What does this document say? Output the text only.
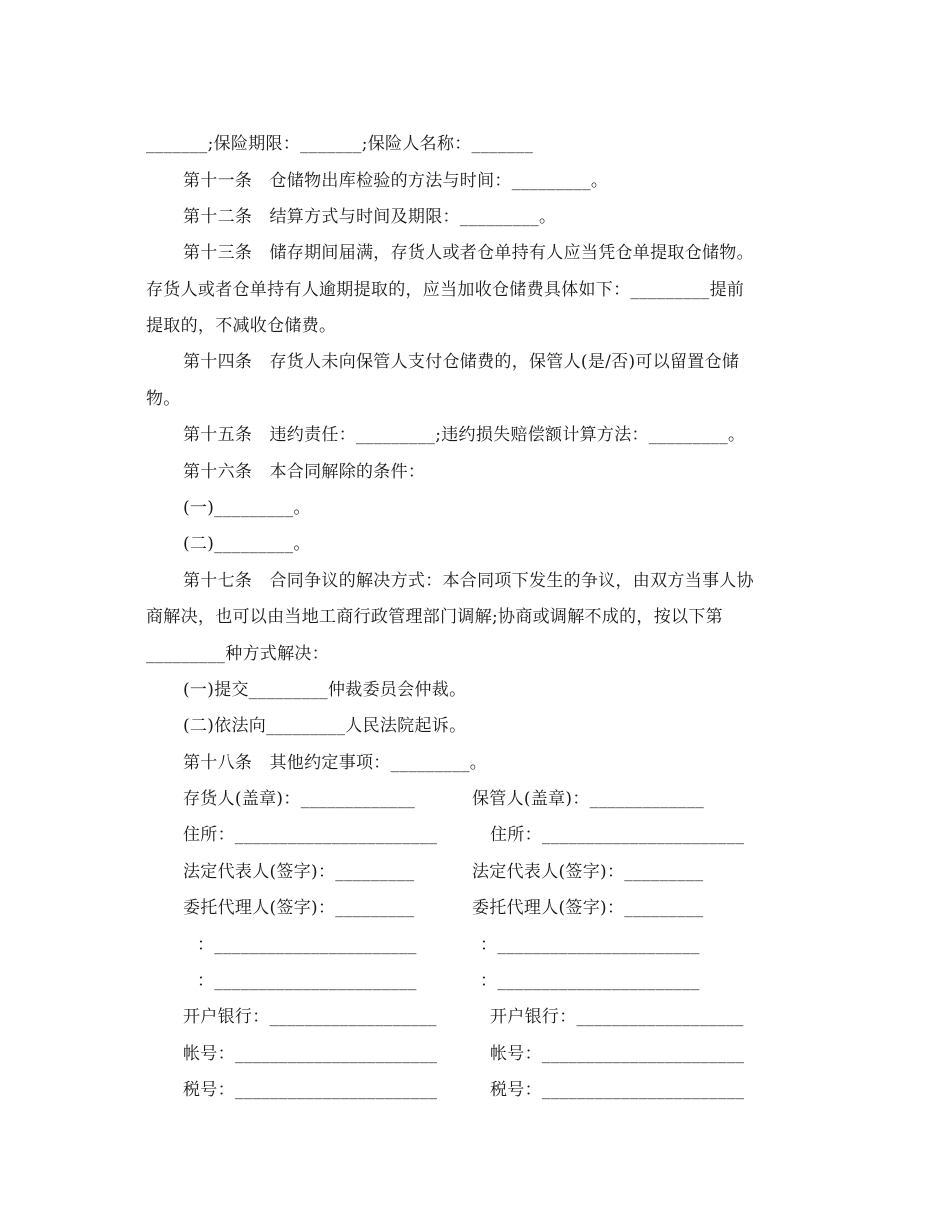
_______;保险期限：_______;保险人名称：_______
第十一条　仓储物出库检验的方法与时间：_________。
第十二条　结算方式与时间及期限：_________。
第十三条　储存期间届满，存货人或者仓单持有人应当凭仓单提取仓储物。
存货人或者仓单持有人逾期提取的，应当加收仓储费具体如下：_________提前
提取的，不减收仓储费。
第十四条　存货人未向保管人支付仓储费的，保管人(是/否)可以留置仓储
物。
第十五条　违约责任：_________;违约损失赔偿额计算方法：_________。
第十六条　本合同解除的条件：
(一)_________。
(二)_________。
第十七条　合同争议的解决方式：本合同项下发生的争议，由双方当事人协
商解决，也可以由当地工商行政管理部门调解;协商或调解不成的，按以下第
_________种方式解决：
(一)提交_________仲裁委员会仲裁。
(二)依法向_________人民法院起诉。
第十八条　其他约定事项：_________。
存货人(盖章)：_____________
住所：_______________________
法定代表人(签字)：_________
委托代理人(签字)：_________
：_______________________
：_______________________
开户银行：___________________
帐号：_______________________
税号：_______________________
保管人(盖章)：_____________
住所：_______________________
法定代表人(签字)：_________
委托代理人(签字)：_________
：_______________________
：_______________________
开户银行：___________________
帐号：_______________________
税号：_______________________
